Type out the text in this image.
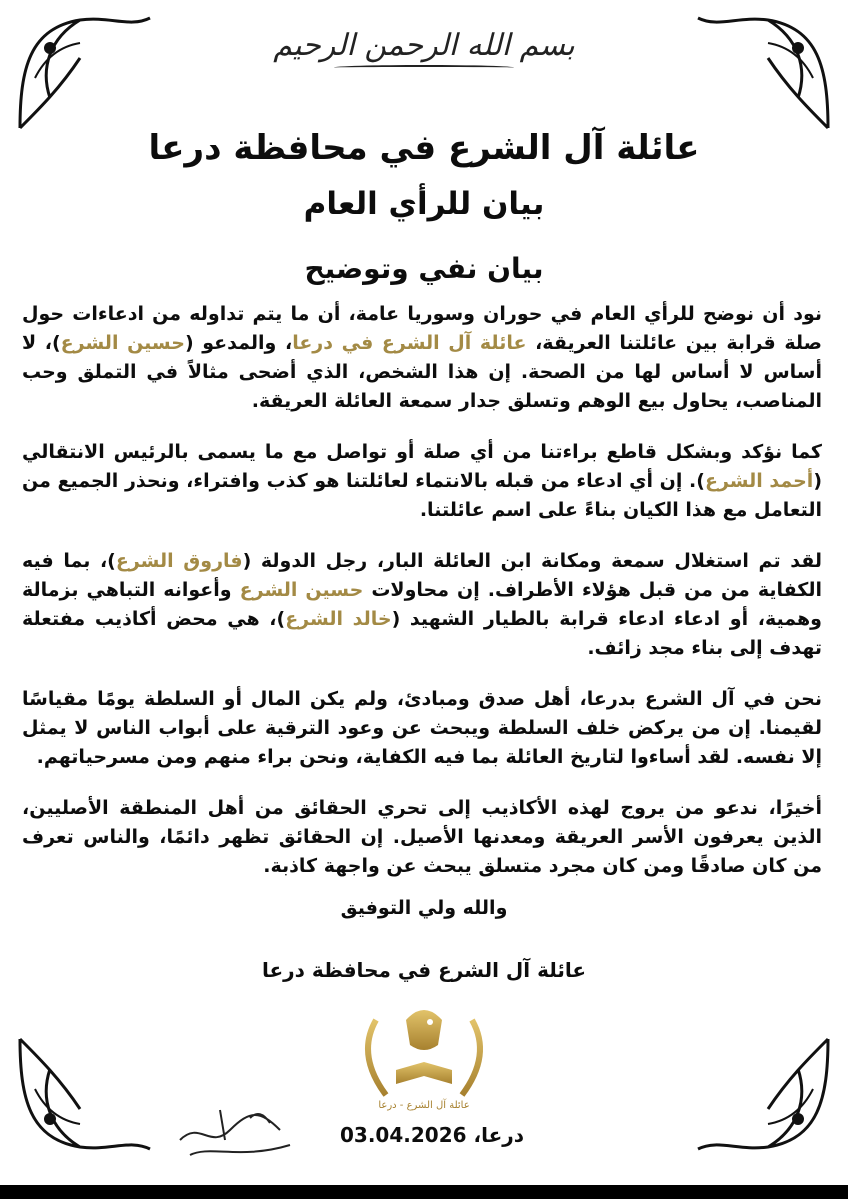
بسم الله الرحمن الرحيم
عائلة آل الشرع في محافظة درعا
بيان للرأي العام
بيان نفي وتوضيح

نود أن نوضح للرأي العام في حوران وسوريا عامة، أن ما يتم تداوله من ادعاءات حول صلة قرابة بين عائلتنا العريقة، عائلة آل الشرع في درعا، والمدعو (حسين الشرع)، لا أساس لا أساس لها من الصحة. إن هذا الشخص، الذي أضحى مثالاً في التملق وحب المناصب، يحاول بيع الوهم وتسلق جدار سمعة العائلة العريقة.

كما نؤكد وبشكل قاطع براءتنا من أي صلة أو تواصل مع ما يسمى بالرئيس الانتقالي (أحمد الشرع). إن أي ادعاء من قبله بالانتماء لعائلتنا هو كذب وافتراء، ونحذر الجميع من التعامل مع هذا الكيان بناءً على اسم عائلتنا.

لقد تم استغلال سمعة ومكانة ابن العائلة البار، رجل الدولة (فاروق الشرع)، بما فيه الكفاية من من قبل هؤلاء الأطراف. إن محاولات حسين الشرع وأعوانه التباهي بزمالة وهمية، أو ادعاء ادعاء قرابة بالطيار الشهيد (خالد الشرع)، هي محض أكاذيب مفتعلة تهدف إلى بناء مجد زائف.

نحن في آل الشرع بدرعا، أهل صدق ومبادئ، ولم يكن المال أو السلطة يومًا مقياسًا لقيمنا. إن من يركض خلف السلطة ويبحث عن وعود الترقية على أبواب الناس لا يمثل إلا نفسه. لقد أساءوا لتاريخ العائلة بما فيه الكفاية، ونحن براء منهم ومن مسرحياتهم.

أخيرًا، ندعو من يروج لهذه الأكاذيب إلى تحري الحقائق من أهل المنطقة الأصليين، الذين يعرفون الأسر العريقة ومعدنها الأصيل. إن الحقائق تظهر دائمًا، والناس تعرف من كان صادقًا ومن كان مجرد متسلق يبحث عن واجهة كاذبة.

والله ولي التوفيق
عائلة آل الشرع في محافظة درعا
عائلة آل الشرع - درعا
درعا، 03.04.2026
